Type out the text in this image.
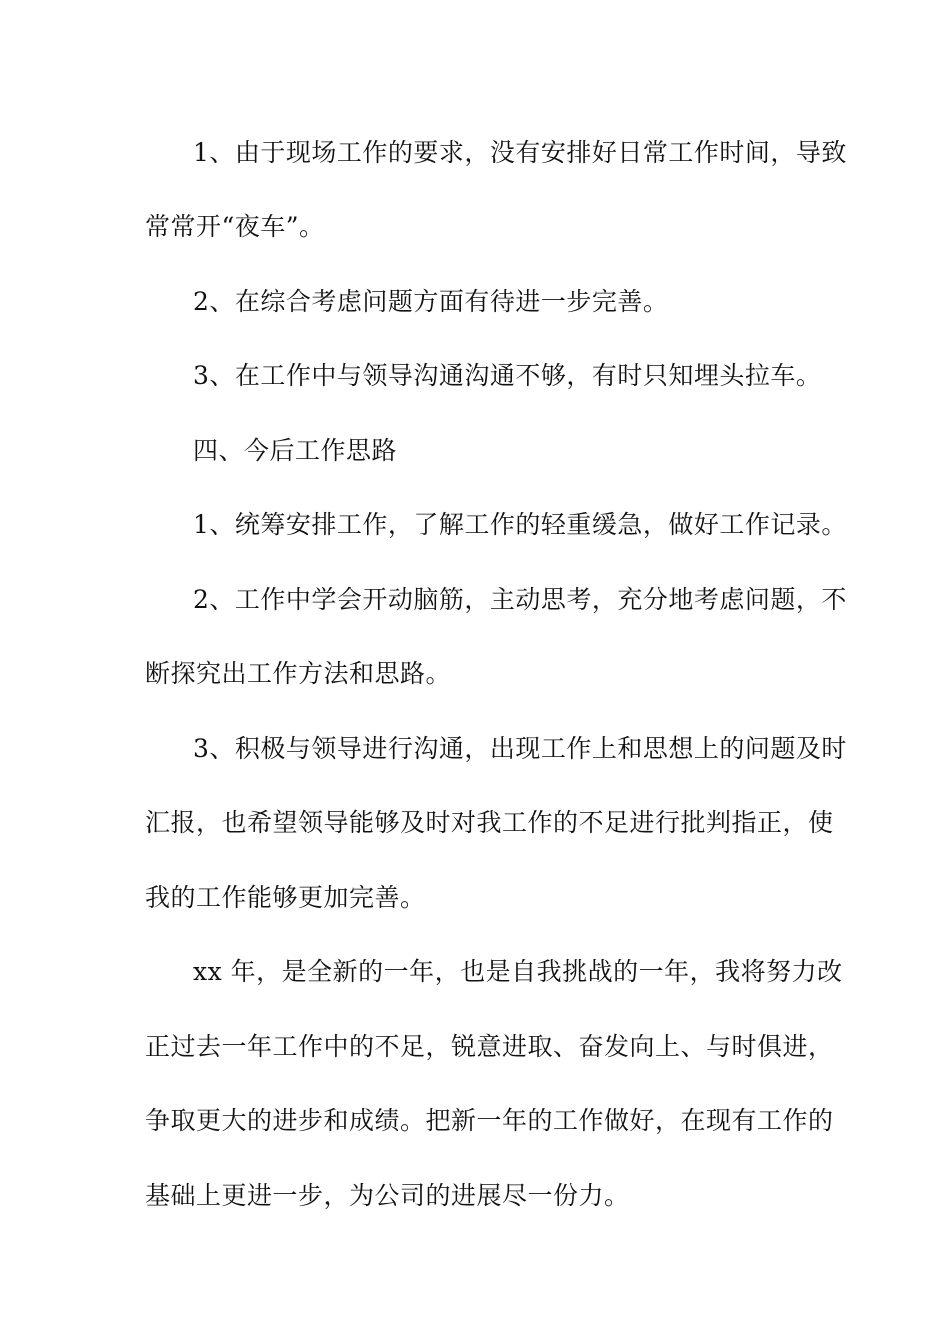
1、由于现场工作的要求，没有安排好日常工作时间，导致

常常开“夜车”。

2、在综合考虑问题方面有待进一步完善。

3、在工作中与领导沟通沟通不够，有时只知埋头拉车。

四、今后工作思路

1、统筹安排工作，了解工作的轻重缓急，做好工作记录。

2、工作中学会开动脑筋，主动思考，充分地考虑问题，不

断探究出工作方法和思路。

3、积极与领导进行沟通，出现工作上和思想上的问题及时

汇报，也希望领导能够及时对我工作的不足进行批判指正，使

我的工作能够更加完善。

xx 年，是全新的一年，也是自我挑战的一年，我将努力改

正过去一年工作中的不足，锐意进取、奋发向上、与时俱进，

争取更大的进步和成绩。把新一年的工作做好，在现有工作的

基础上更进一步，为公司的进展尽一份力。
